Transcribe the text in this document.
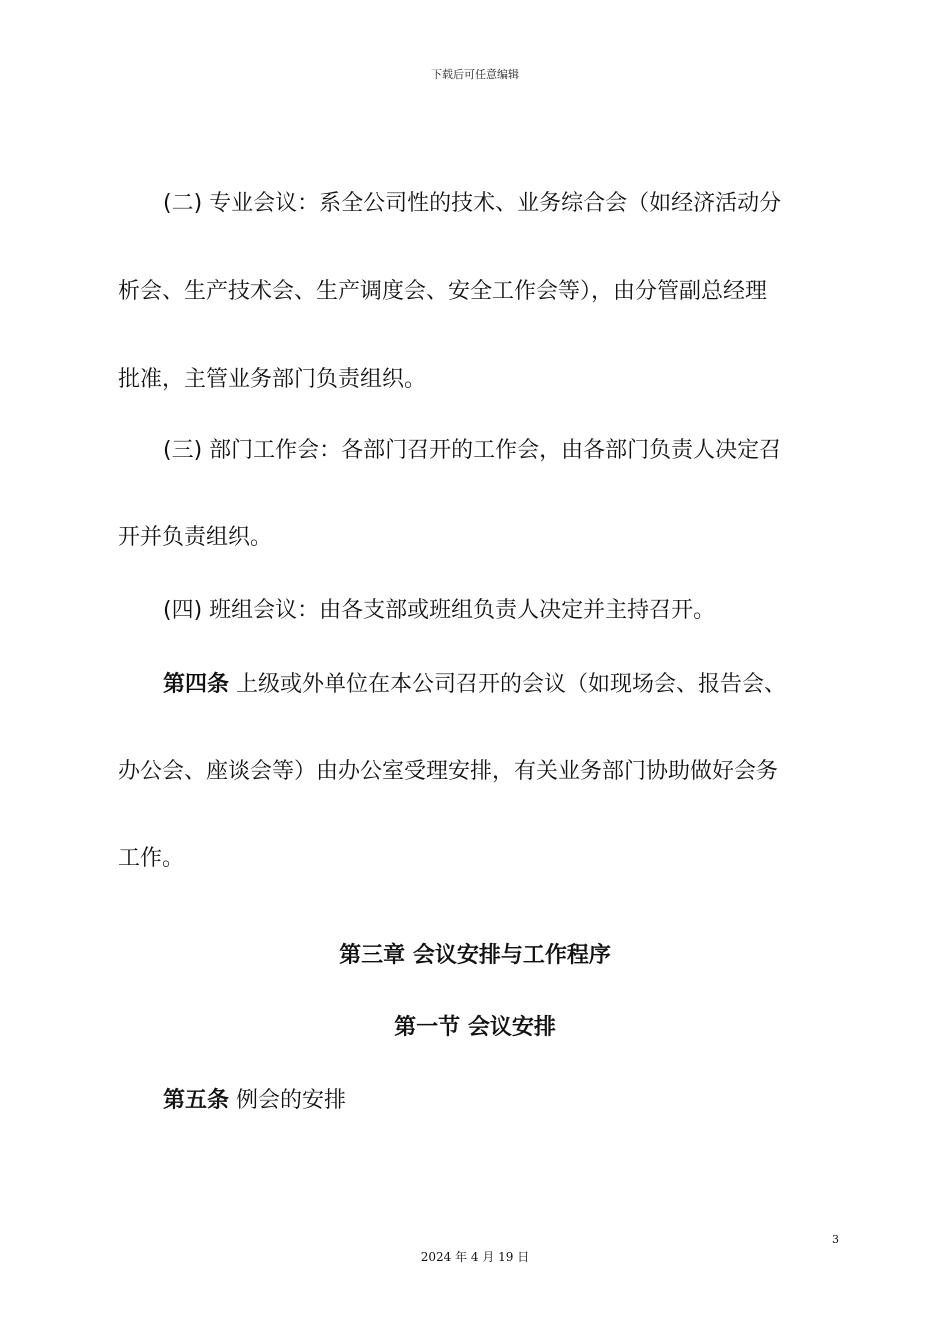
下载后可任意编辑
(二) 专业会议：系全公司性的技术、业务综合会（如经济活动分
析会、生产技术会、生产调度会、安全工作会等），由分管副总经理
批准，主管业务部门负责组织。
(三) 部门工作会：各部门召开的工作会，由各部门负责人决定召
开并负责组织。
(四) 班组会议：由各支部或班组负责人决定并主持召开。
第四条 上级或外单位在本公司召开的会议（如现场会、报告会、
办公会、座谈会等）由办公室受理安排，有关业务部门协助做好会务
工作。
第三章 会议安排与工作程序
第一节 会议安排
第五条 例会的安排
3
2024 年 4 月 19 日
